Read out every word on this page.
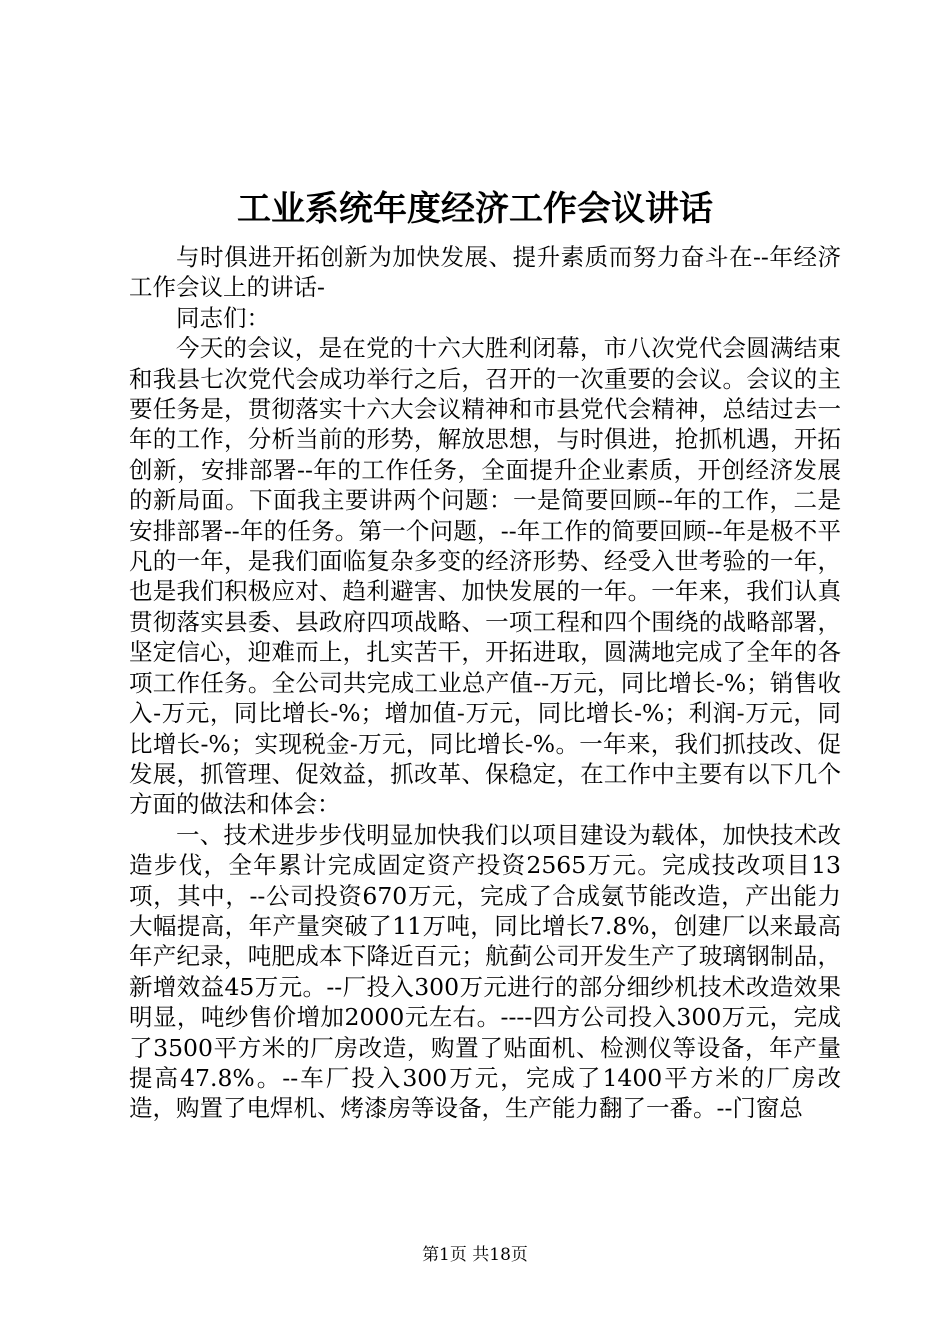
工业系统年度经济工作会议讲话

与时俱进开拓创新为加快发展、提升素质而努力奋斗在--年经济工作会议上的讲话-

同志们：

今天的会议，是在党的十六大胜利闭幕，市八次党代会圆满结束和我县七次党代会成功举行之后，召开的一次重要的会议。会议的主要任务是，贯彻落实十六大会议精神和市县党代会精神，总结过去一年的工作，分析当前的形势，解放思想，与时俱进，抢抓机遇，开拓创新，安排部署--年的工作任务，全面提升企业素质，开创经济发展的新局面。下面我主要讲两个问题：一是简要回顾--年的工作，二是安排部署--年的任务。第一个问题，--年工作的简要回顾--年是极不平凡的一年，是我们面临复杂多变的经济形势、经受入世考验的一年，也是我们积极应对、趋利避害、加快发展的一年。一年来，我们认真贯彻落实县委、县政府四项战略、一项工程和四个围绕的战略部署，坚定信心，迎难而上，扎实苦干，开拓进取，圆满地完成了全年的各项工作任务。全公司共完成工业总产值--万元，同比增长-%；销售收入-万元，同比增长-%；增加值-万元，同比增长-%；利润-万元，同比增长-%；实现税金-万元，同比增长-%。一年来，我们抓技改、促发展，抓管理、促效益，抓改革、保稳定，在工作中主要有以下几个方面的做法和体会：

一、技术进步步伐明显加快我们以项目建设为载体，加快技术改造步伐，全年累计完成固定资产投资2565万元。完成技改项目13项，其中，--公司投资670万元，完成了合成氨节能改造，产出能力大幅提高，年产量突破了11万吨，同比增长7.8%，创建厂以来最高年产纪录，吨肥成本下降近百元；航蓟公司开发生产了玻璃钢制品，新增效益45万元。--厂投入300万元进行的部分细纱机技术改造效果明显，吨纱售价增加2000元左右。----四方公司投入300万元，完成了3500平方米的厂房改造，购置了贴面机、检测仪等设备，年产量提高47.8%。--车厂投入300万元，完成了1400平方米的厂房改造，购置了电焊机、烤漆房等设备，生产能力翻了一番。--门窗总

第1页 共18页
